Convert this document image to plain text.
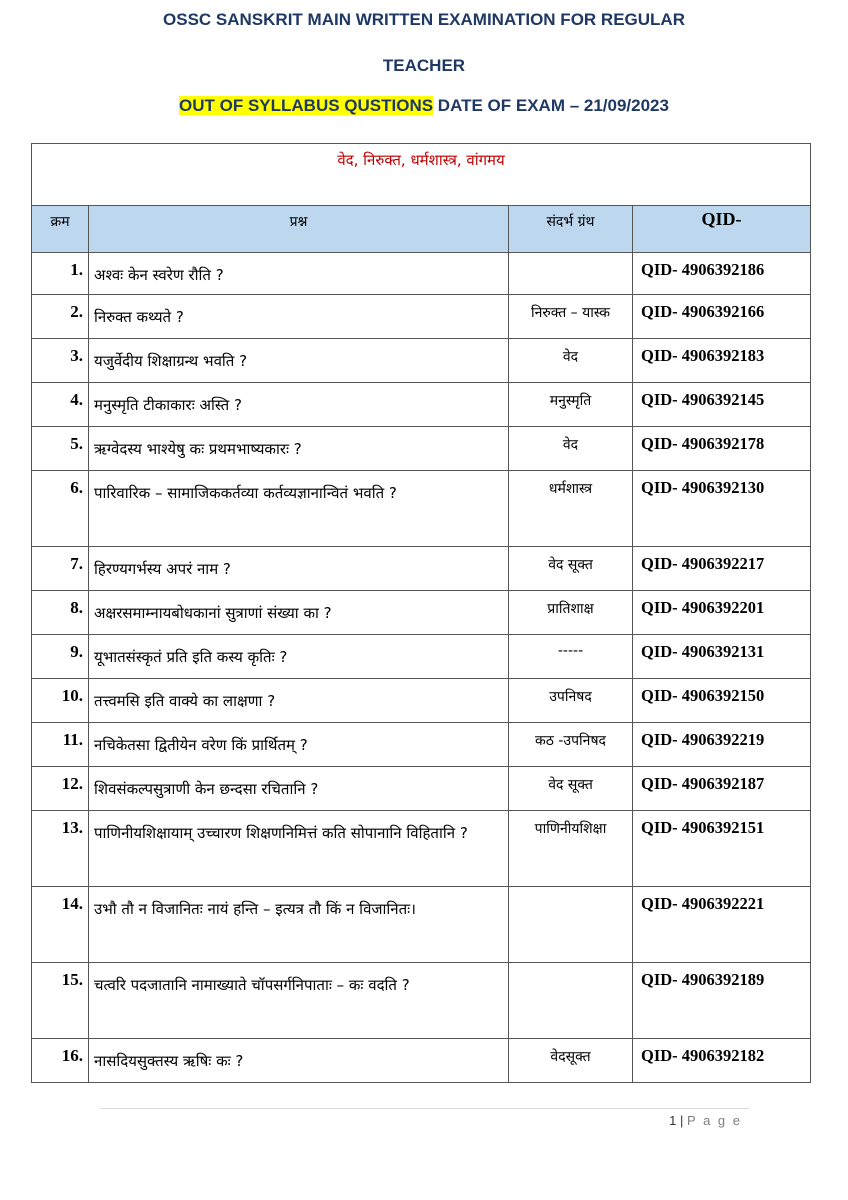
OSSC SANSKRIT MAIN WRITTEN EXAMINATION FOR REGULAR
TEACHER
OUT OF SYLLABUS QUSTIONS DATE OF EXAM – 21/09/2023
वेद, निरुक्त, धर्मशास्त्र, वांगमय			
क्रम	प्रश्न	संदर्भ ग्रंथ	QID-
1.	अश्वः केन स्वरेण रौति ?		QID- 4906392186
2.	निरुक्त कथ्यते ?	निरुक्त – यास्क	QID- 4906392166
3.	यजुर्वेदीय शिक्षाग्रन्थ भवति ?	वेद	QID- 4906392183
4.	मनुस्मृति टीकाकारः अस्ति ?	मनुस्मृति	QID- 4906392145
5.	ऋग्वेदस्य भाश्येषु कः प्रथमभाष्यकारः ?	वेद	QID- 4906392178
6.	पारिवारिक – सामाजिककर्तव्या कर्तव्यज्ञानान्वितं भवति ?	धर्मशास्त्र	QID- 4906392130
7.	हिरण्यगर्भस्य अपरं नाम ?	वेद सूक्त	QID- 4906392217
8.	अक्षरसमाम्नायबोधकानां सुत्राणां संख्या का ?	प्रातिशाक्ष	QID- 4906392201
9.	यूभातसंस्कृतं प्रति इति कस्य कृतिः ?	-----	QID- 4906392131
10.	तत्त्वमसि इति वाक्ये का लाक्षणा ?	उपनिषद	QID- 4906392150
11.	नचिकेतसा द्वितीयेन वरेण किं प्रार्थितम् ?	कठ -उपनिषद	QID- 4906392219
12.	शिवसंकल्पसुत्राणी केन छन्दसा रचितानि ?	वेद सूक्त	QID- 4906392187
13.	पाणिनीयशिक्षायाम् उच्चारण शिक्षणनिमित्तं कति सोपानानि विहितानि ?	पाणिनीयशिक्षा	QID- 4906392151
14.	उभौ तौ न विजानितः नायं हन्ति – इत्यत्र तौ किं न विजानितः।		QID- 4906392221
15.	चत्वरि पदजातानि नामाख्याते चॉपसर्गनिपाताः – कः वदति ?		QID- 4906392189
16.	नासदियसुक्तस्य ऋषिः कः ?	वेदसूक्त	QID- 4906392182
1 | P a g e
